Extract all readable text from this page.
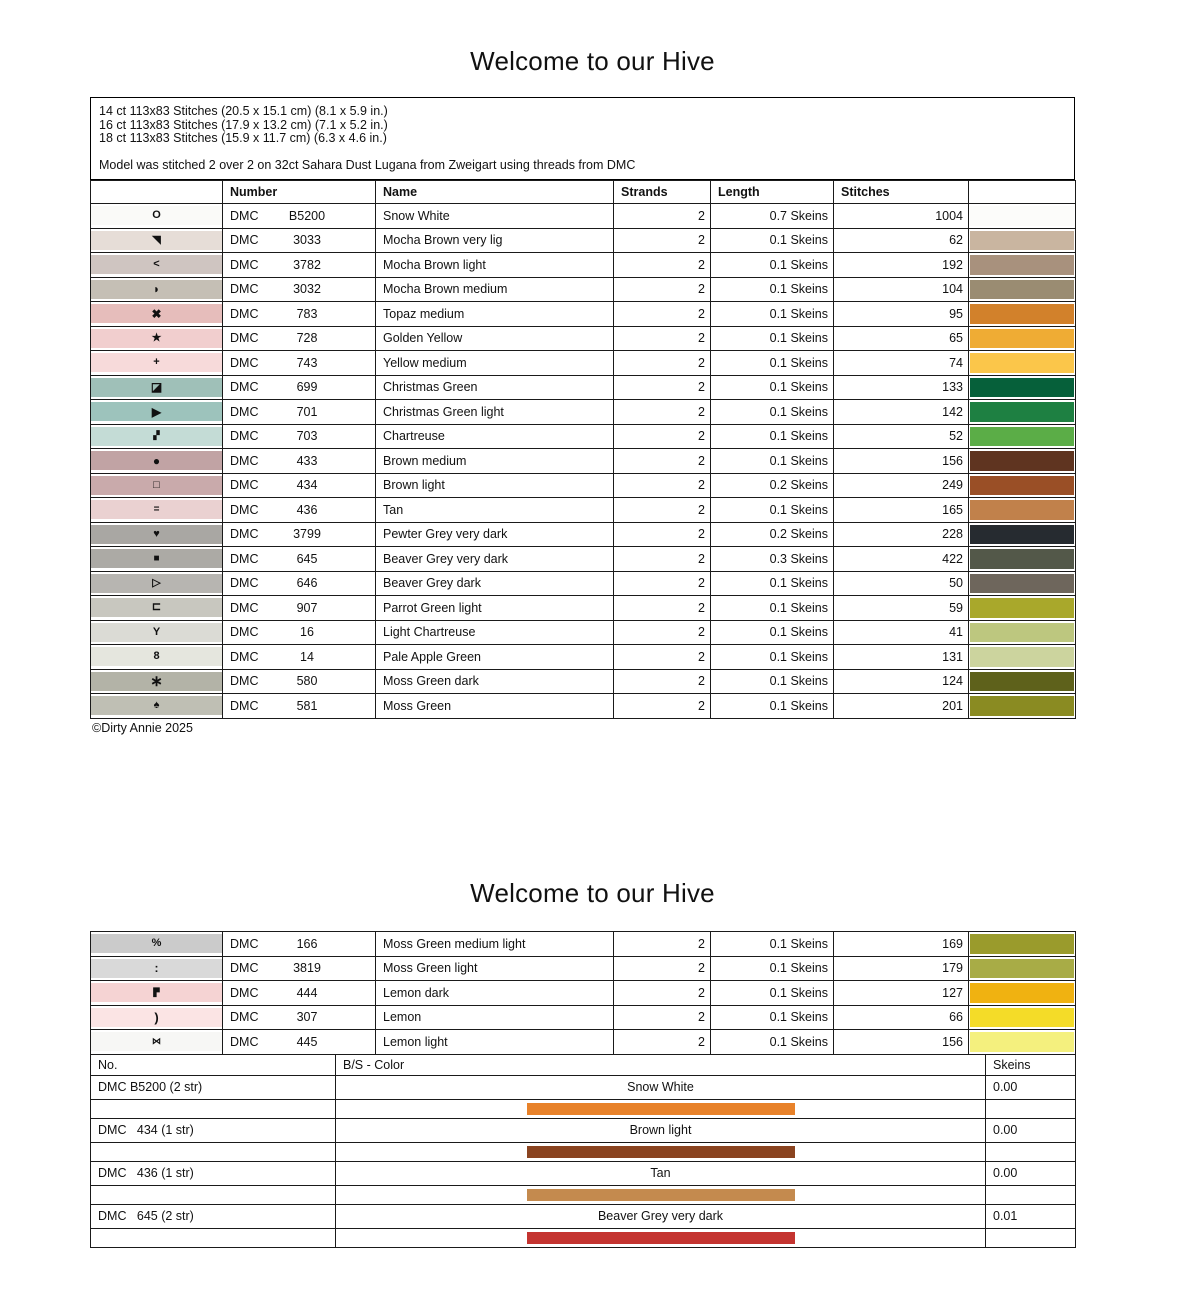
Welcome to our Hive
14 ct 113x83 Stitches (20.5 x 15.1 cm) (8.1 x 5.9 in.)
16 ct 113x83 Stitches (17.9 x 13.2 cm) (7.1 x 5.2 in.)
18 ct 113x83 Stitches (15.9 x 11.7 cm) (6.3 x 4.6 in.)
Model was stitched 2 over 2 on 32ct Sahara Dust Lugana from Zweigart using threads from DMC
	Number	Name	Strands	Length	Stitches	

O	DMC B5200	Snow White	2	0.7 Skeins	1004	

◥	DMC 3033	Mocha Brown very lig	2	0.1 Skeins	62	

<	DMC 3782	Mocha Brown light	2	0.1 Skeins	192	

◗	DMC 3032	Mocha Brown medium	2	0.1 Skeins	104	

✖	DMC 783	Topaz medium	2	0.1 Skeins	95	

★	DMC 728	Golden Yellow	2	0.1 Skeins	65	

+	DMC 743	Yellow medium	2	0.1 Skeins	74	

◪	DMC 699	Christmas Green	2	0.1 Skeins	133	

▶	DMC 701	Christmas Green light	2	0.1 Skeins	142	

▞	DMC 703	Chartreuse	2	0.1 Skeins	52	

●	DMC 433	Brown medium	2	0.1 Skeins	156	

□	DMC 434	Brown light	2	0.2 Skeins	249	

=	DMC 436	Tan	2	0.1 Skeins	165	

♥	DMC 3799	Pewter Grey very dark	2	0.2 Skeins	228	

■	DMC 645	Beaver Grey very dark	2	0.3 Skeins	422	

▷	DMC 646	Beaver Grey dark	2	0.1 Skeins	50	

⊏	DMC 907	Parrot Green light	2	0.1 Skeins	59	

Y	DMC 16	Light Chartreuse	2	0.1 Skeins	41	

8	DMC 14	Pale Apple Green	2	0.1 Skeins	131	

∗	DMC 580	Moss Green dark	2	0.1 Skeins	124	

♠	DMC 581	Moss Green	2	0.1 Skeins	201	
©Dirty Annie 2025
Welcome to our Hive
%	DMC 166	Moss Green medium light	2	0.1 Skeins	169	

:	DMC 3819	Moss Green light	2	0.1 Skeins	179	

▛	DMC 444	Lemon dark	2	0.1 Skeins	127	

)	DMC 307	Lemon	2	0.1 Skeins	66	

⋈	DMC 445	Lemon light	2	0.1 Skeins	156	
No.	B/S - Color	Skeins
DMC B5200 (2 str)	Snow White	0.00

DMC   434 (1 str)	Brown light	0.00

DMC   436 (1 str)	Tan	0.00

DMC   645 (2 str)	Beaver Grey very dark	0.01
